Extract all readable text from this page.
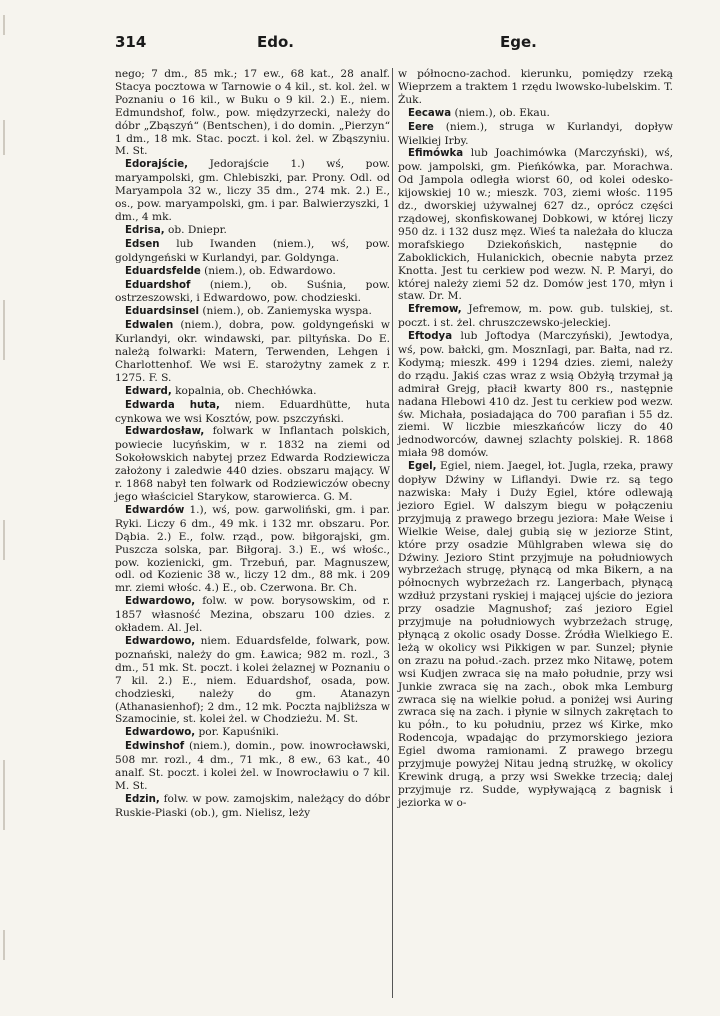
314	Edo.	Ege.

nego; 7 dm., 85 mk.; 17 ew., 68 kat., 28 analf. Stacya pocztowa w Tarnowie o 4 kil., st. kol. żel. w Poznaniu o 16 kil., w Buku o 9 kil. 2.) E., niem. Edmundshof, folw., pow. międzyrzecki, należy do dóbr „Zbąszyń“ (Bentschen), i do domin. „Pierzyn“ 1 dm., 18 mk. Stac. poczt. i kol. żel. w Zbąszyniu. M. St.

Edorajście, Jedorajście 1.) wś, pow. maryampolski, gm. Chlebiszki, par. Prony. Odl. od Maryampola 32 w., liczy 35 dm., 274 mk. 2.) E., os., pow. maryampolski, gm. i par. Balwierzyszki, 1 dm., 4 mk.

Edrisa, ob. Dniepr.

Edsen lub Iwanden (niem.), wś, pow. goldyngeński w Kurlandyi, par. Goldynga.

Eduardsfelde (niem.), ob. Edwardowo.

Eduardshof (niem.), ob. Suśnia, pow. ostrzeszowski, i Edwardowo, pow. chodzieski.

Eduardsinsel (niem.), ob. Zaniemyska wyspa.

Edwalen (niem.), dobra, pow. goldyngeński w Kurlandyi, okr. windawski, par. piltyńska. Do E. należą folwarki: Matern, Terwenden, Lehgen i Charlottenhof. We wsi E. starożytny zamek z r. 1275. F. S.

Edward, kopalnia, ob. Chechłówka.

Edwarda huta, niem. Eduardhütte, huta cynkowa we wsi Kosztów, pow. pszczyński.

Edwardosław, folwark w Inflantach polskich, powiecie lucyńskim, w r. 1832 na ziemi od Sokołowskich nabytej przez Edwarda Rodziewicza założony i zaledwie 440 dzies. obszaru mający. W r. 1868 nabył ten folwark od Rodziewiczów obecny jego właściciel Starykow, starowierca. G. M.

Edwardów 1.), wś, pow. garwoliński, gm. i par. Ryki. Liczy 6 dm., 49 mk. i 132 mr. obszaru. Por. Dąbia. 2.) E., folw. rząd., pow. biłgorajski, gm. Puszcza solska, par. Biłgoraj. 3.) E., wś włośc., pow. kozienicki, gm. Trzebuń, par. Magnuszew, odl. od Kozienic 38 w., liczy 12 dm., 88 mk. i 209 mr. ziemi włośc. 4.) E., ob. Czerwona. Br. Ch.

Edwardowo, folw. w pow. borysowskim, od r. 1857 własność Mezina, obszaru 100 dzies. z okładem. Al. Jel.

Edwardowo, niem. Eduardsfelde, folwark, pow. poznański, należy do gm. Ławica; 982 m. rozl., 3 dm., 51 mk. St. poczt. i kolei żelaznej w Poznaniu o 7 kil. 2.) E., niem. Eduardshof, osada, pow. chodzieski, należy do gm. Atanazyn (Athanasienhof); 2 dm., 12 mk. Poczta najbliższa w Szamocinie, st. kolei żel. w Chodzieżu. M. St.

Edwardowo, por. Kapuśniki.

Edwinshof (niem.), domin., pow. inowrocławski, 508 mr. rozl., 4 dm., 71 mk., 8 ew., 63 kat., 40 analf. St. poczt. i kolei żel. w Inowrocławiu o 7 kil. M. St.

Edzin, folw. w pow. zamojskim, należący do dóbr Ruskie-Piaski (ob.), gm. Nielisz, leży

w północno-zachod. kierunku, pomiędzy rzeką Wieprzem a traktem 1 rzędu lwowsko-lubelskim. T. Żuk.

Eecawa (niem.), ob. Ekau.

Eere (niem.), struga w Kurlandyi, dopływ Wielkiej Irby.

Efimówka lub Joachimówka (Marczyński), wś, pow. jampolski, gm. Pieńkówka, par. Morachwa. Od Jampola odległa wiorst 60, od kolei odesko-kijowskiej 10 w.; mieszk. 703, ziemi włośc. 1195 dz., dworskiej używalnej 627 dz., oprócz części rządowej, skonfiskowanej Dobkowi, w której liczy 950 dz. i 132 dusz męz. Wieś ta należała do klucza morafskiego Dziekońskich, następnie do Zaboklickich, Hulanickich, obecnie nabyta przez Knotta. Jest tu cerkiew pod wezw. N. P. Maryi, do której należy ziemi 52 dz. Domów jest 170, młyn i staw. Dr. M.

Efremow, Jefremow, m. pow. gub. tulskiej, st. poczt. i st. żel. chruszczewsko-jeleckiej.

Eftodya lub Joftodya (Marczyński), Jewtodya, wś, pow. bałcki, gm. MosznIagi, par. Bałta, nad rz. Kodymą; mieszk. 499 i 1294 dzies. ziemi, należy do rządu. Jakiś czas wraz z wsią Obżyłą trzymał ją admirał Grejg, płacił kwarty 800 rs., następnie nadana Hlebowi 410 dz. Jest tu cerkiew pod wezw. św. Michała, posiadająca do 700 parafian i 55 dz. ziemi. W liczbie mieszkańców liczy do 40 jednodworców, dawnej szlachty polskiej. R. 1868 miała 98 domów.

Egel, Egiel, niem. Jaegel, łot. Jugla, rzeka, prawy dopływ Dźwiny w Liflandyi. Dwie rz. są tego nazwiska: Mały i Duży Egiel, które odlewają jezioro Egiel. W dalszym biegu w połączeniu przyjmują z prawego brzegu jeziora: Małe Weise i Wielkie Weise, dalej gubią się w jeziorze Stint, które przy osadzie Mühlgraben wlewa się do Dźwiny. Jezioro Stint przyjmuje na południowych wybrzeżach strugę, płynącą od mka Bikern, a na północnych wybrzeżach rz. Langerbach, płynącą wzdłuż przystani ryskiej i mającej ujście do jeziora przy osadzie Magnushof; zaś jezioro Egiel przyjmuje na południowych wybrzeżach strugę, płynącą z okolic osady Dosse. Źródła Wielkiego E. leżą w okolicy wsi Pikkigen w par. Sunzel; płynie on zrazu na połud.-zach. przez mko Nitawę, potem wsi Kudjen zwraca się na mało południe, przy wsi Junkie zwraca się na zach., obok mka Lemburg zwraca się na wielkie połud. a poniżej wsi Auring zwraca się na zach. i płynie w silnych zakrętach to ku półn., to ku południu, przez wś Kirke, mko Rodencoja, wpadając do przymorskiego jeziora Egiel dwoma ramionami. Z prawego brzegu przyjmuje powyżej Nitau jedną strużkę, w okolicy Krewink drugą, a przy wsi Swekke trzecią; dalej przyjmuje rz. Sudde, wypływającą z bagnisk i jeziorka w o-
